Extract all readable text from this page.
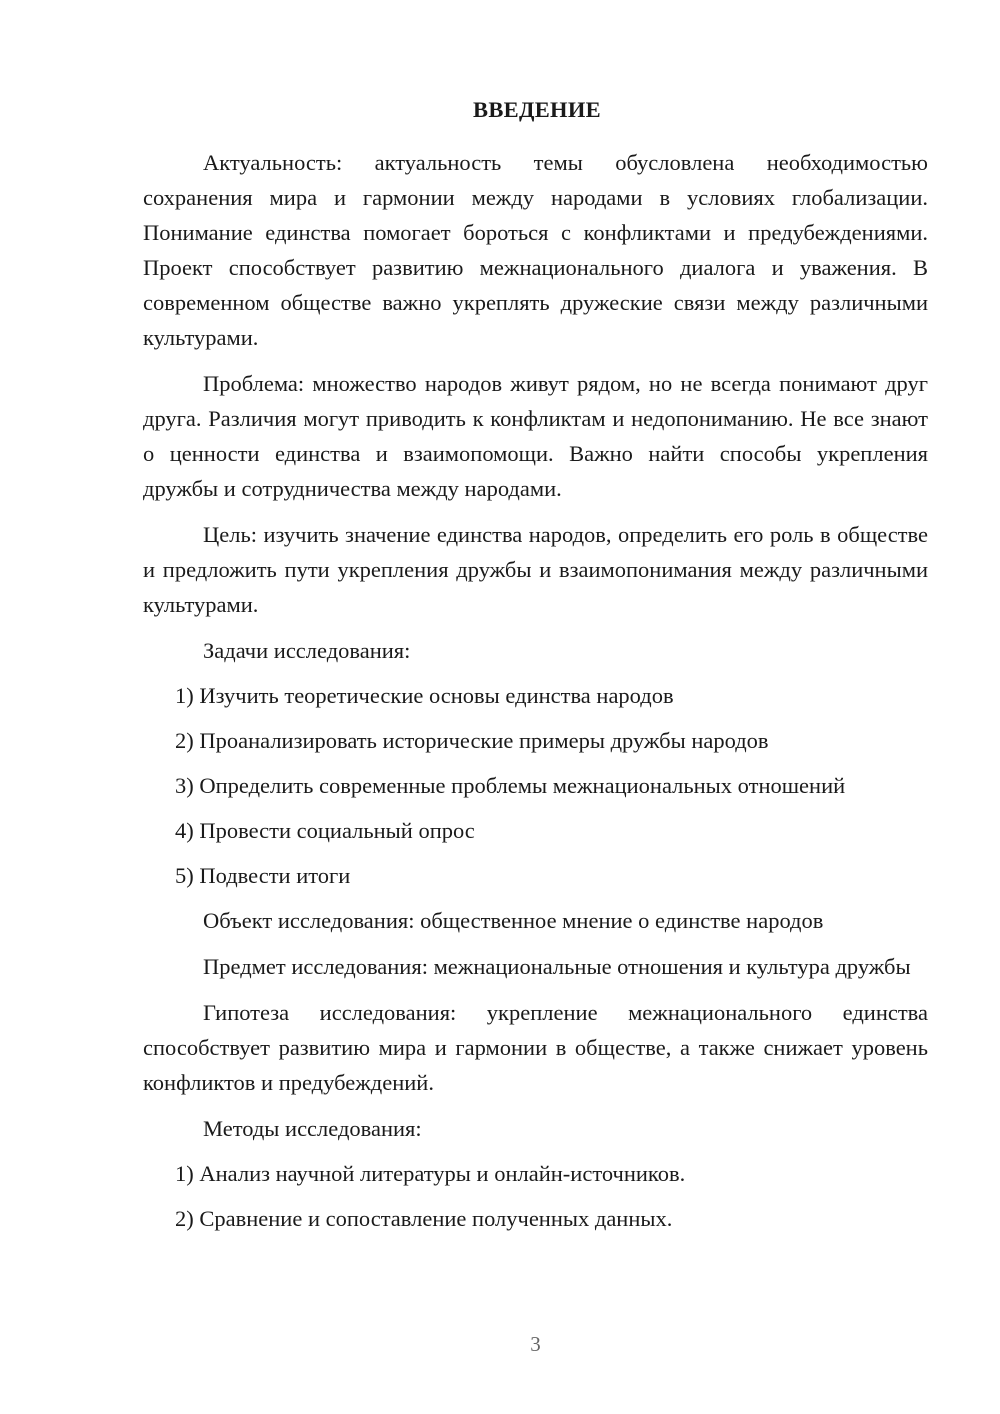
ВВЕДЕНИЕ

Актуальность: актуальность темы обусловлена необходимостью сохранения мира и гармонии между народами в условиях глобализации. Понимание единства помогает бороться с конфликтами и предубеждениями. Проект способствует развитию межнационального диалога и уважения. В современном обществе важно укреплять дружеские связи между различными культурами.

Проблема: множество народов живут рядом, но не всегда понимают друг друга. Различия могут приводить к конфликтам и недопониманию. Не все знают о ценности единства и взаимопомощи. Важно найти способы укрепления дружбы и сотрудничества между народами.

Цель: изучить значение единства народов, определить его роль в обществе и предложить пути укрепления дружбы и взаимопонимания между различными культурами.

Задачи исследования:
1) Изучить теоретические основы единства народов
2) Проанализировать исторические примеры дружбы народов
3) Определить современные проблемы межнациональных отношений
4) Провести социальный опрос
5) Подвести итоги

Объект исследования: общественное мнение о единстве народов

Предмет исследования: межнациональные отношения и культура дружбы

Гипотеза исследования: укрепление межнационального единства способствует развитию мира и гармонии в обществе, а также снижает уровень конфликтов и предубеждений.

Методы исследования:
1) Анализ научной литературы и онлайн-источников.
2) Сравнение и сопоставление полученных данных.
3
